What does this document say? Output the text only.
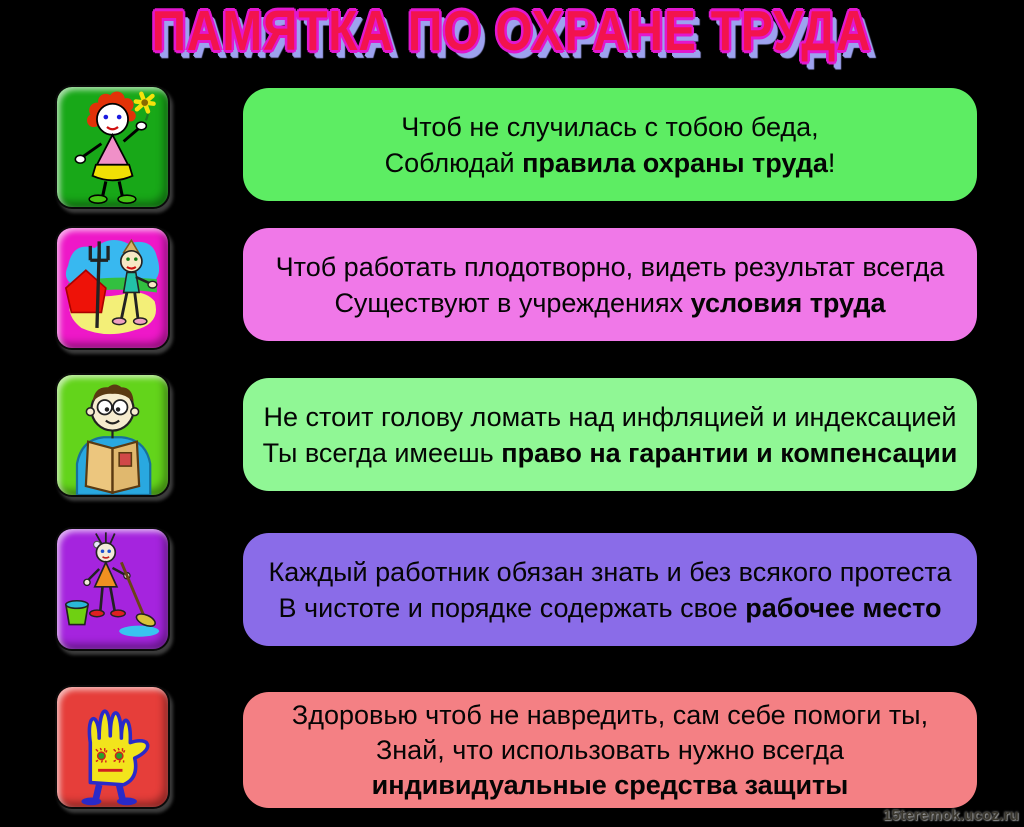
ПАМЯТКА ПО ОХРАНЕ ТРУДА
Чтоб не случилась с тобою беда,
Соблюдай правила охраны труда!
Чтоб работать плодотворно, видеть результат всегда
Существуют в учреждениях условия труда
Не стоит голову ломать над инфляцией и индексацией
Ты всегда имеешь право на гарантии и компенсации
Каждый работник обязан знать и без всякого протеста
В чистоте и порядке содержать свое рабочее место
Здоровью чтоб не навредить, сам себе помоги ты,
Знай, что использовать нужно всегда
индивидуальные средства защиты
15teremok.ucoz.ru
